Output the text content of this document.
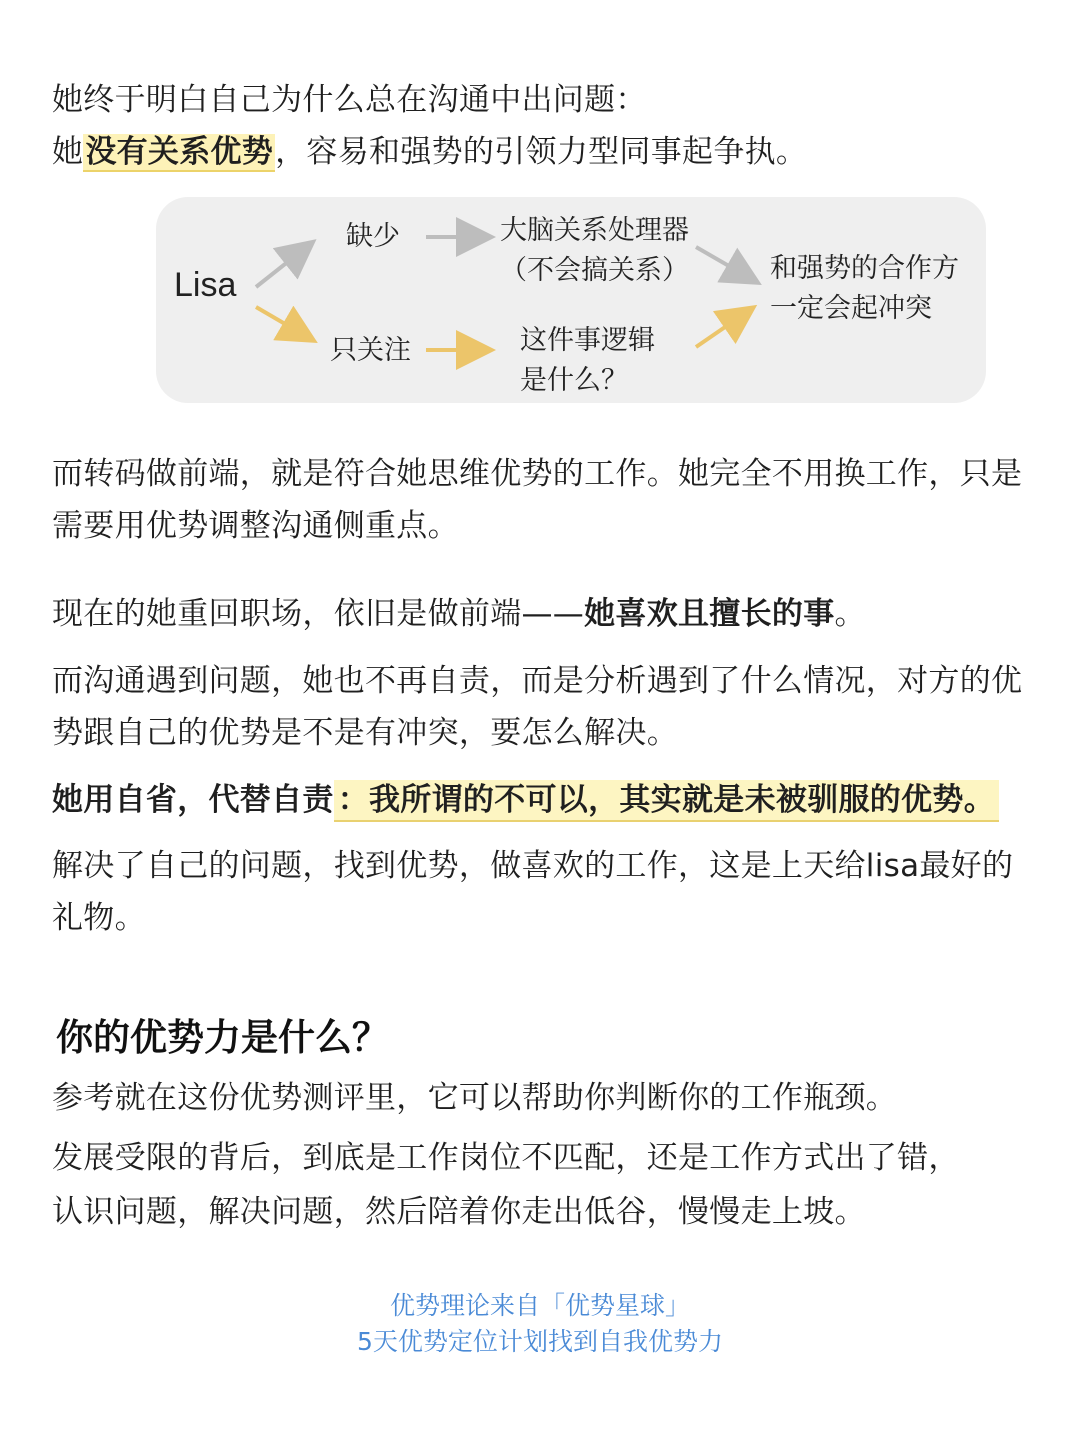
她终于明白自己为什么总在沟通中出问题：
她没有关系优势，容易和强势的引领力型同事起争执。
Lisa
缺少	大脑关系处理器
（不会搞关系）	和强势的合作方
一定会起冲突
只关注	这件事逻辑
是什么？
而转码做前端，就是符合她思维优势的工作。她完全不用换工作，只是需要用优势调整沟通侧重点。
现在的她重回职场，依旧是做前端——她喜欢且擅长的事。
而沟通遇到问题，她也不再自责，而是分析遇到了什么情况，对方的优势跟自己的优势是不是有冲突，要怎么解决。
她用自省，代替自责 ：我所谓的不可以，其实就是未被驯服的优势。
解决了自己的问题，找到优势，做喜欢的工作，这是上天给lisa最好的礼物。
你的优势力是什么？
参考就在这份优势测评里，它可以帮助你判断你的工作瓶颈。
发展受限的背后，到底是工作岗位不匹配，还是工作方式出了错，
认识问题，解决问题，然后陪着你走出低谷，慢慢走上坡。
优势理论来自「优势星球」
5天优势定位计划找到自我优势力
